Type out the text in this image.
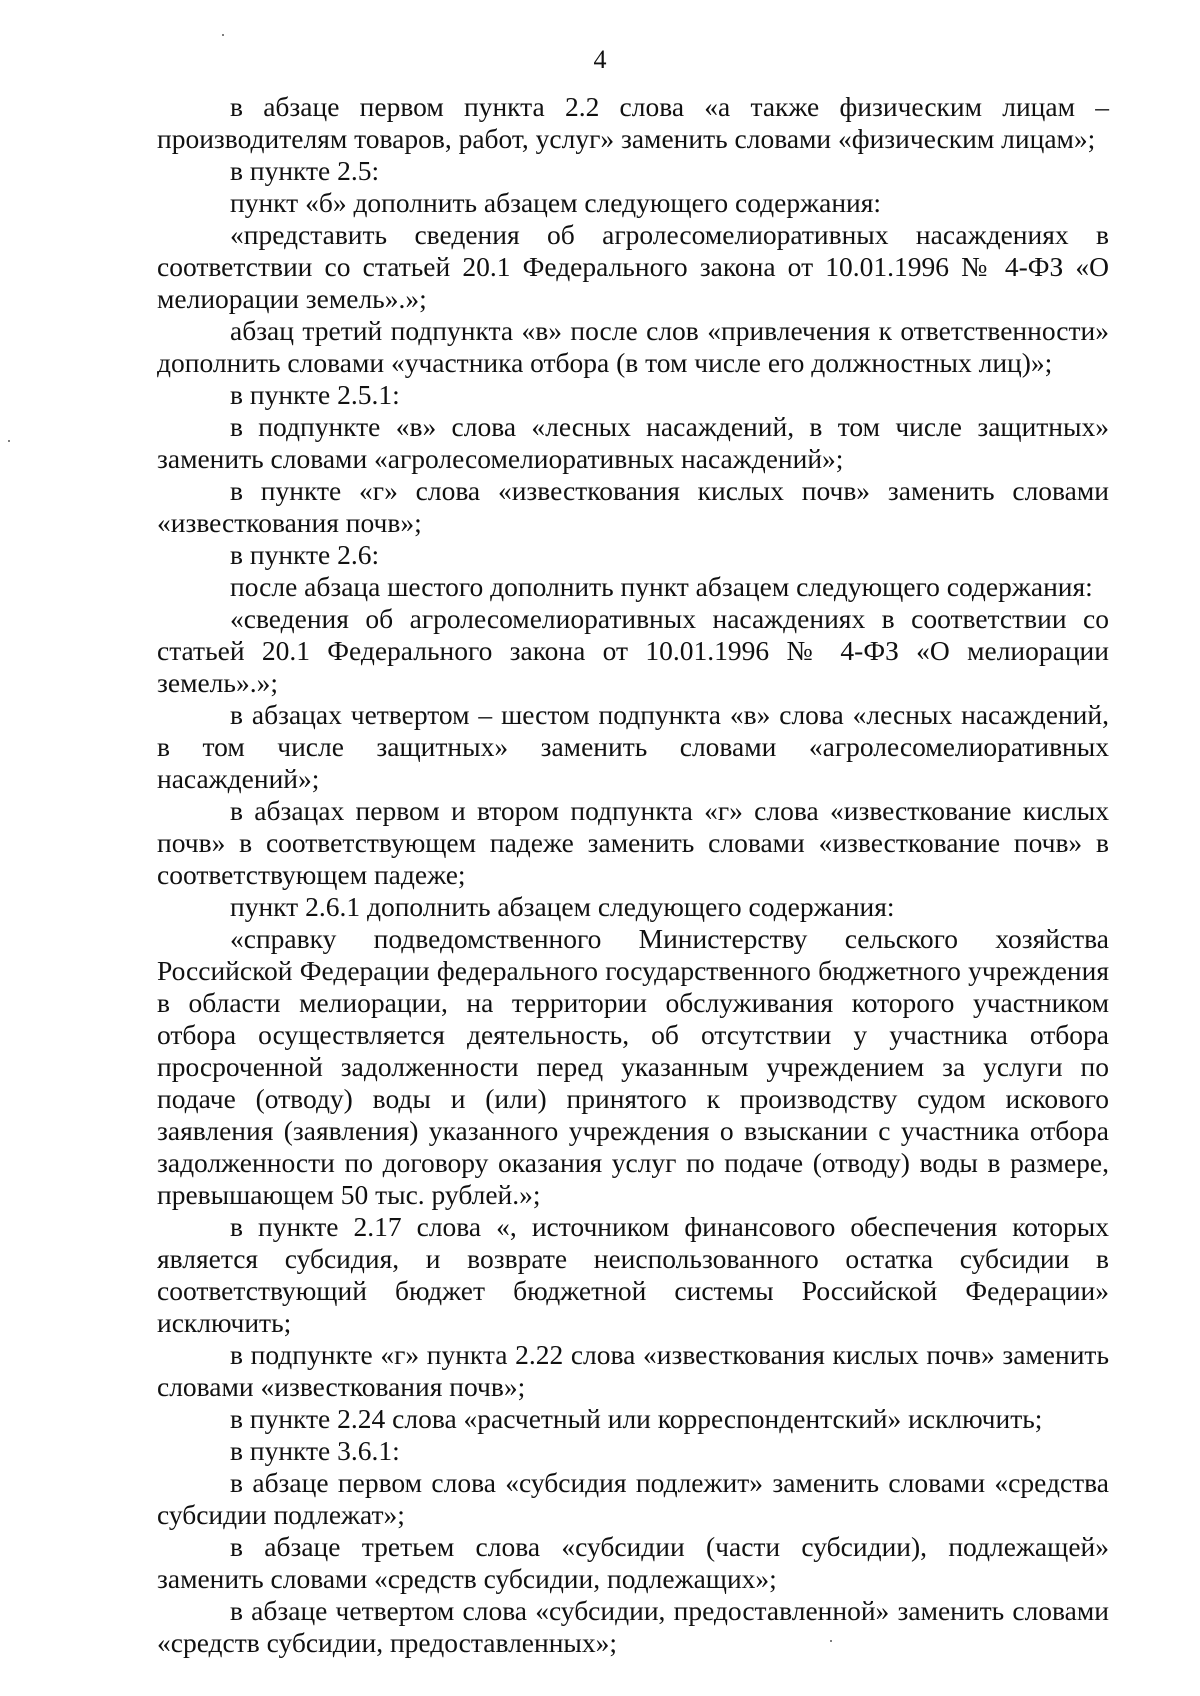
4

в абзаце первом пункта 2.2 слова «а также физическим лицам – производителям товаров, работ, услуг» заменить словами «физическим лицам»;

в пункте 2.5:

пункт «б» дополнить абзацем следующего содержания:

«представить сведения об агролесомелиоративных насаждениях в соответствии со статьей 20.1 Федерального закона от 10.01.1996 № 4-ФЗ «О мелиорации земель».»;

абзац третий подпункта «в» после слов «привлечения к ответственности» дополнить словами «участника отбора (в том числе его должностных лиц)»;

в пункте 2.5.1:

в подпункте «в» слова «лесных насаждений, в том числе защитных» заменить словами «агролесомелиоративных насаждений»;

в пункте «г» слова «известкования кислых почв» заменить словами «известкования почв»;

в пункте 2.6:

после абзаца шестого дополнить пункт абзацем следующего содержания:

«сведения об агролесомелиоративных насаждениях в соответствии со статьей 20.1 Федерального закона от 10.01.1996 № 4-ФЗ «О мелиорации земель».»;

в абзацах четвертом – шестом подпункта «в» слова «лесных насаждений, в том числе защитных» заменить словами «агролесомелиоративных насаждений»;

в абзацах первом и втором подпункта «г» слова «известкование кислых почв» в соответствующем падеже заменить словами «известкование почв» в соответствующем падеже;

пункт 2.6.1 дополнить абзацем следующего содержания:

«справку подведомственного Министерству сельского хозяйства Российской Федерации федерального государственного бюджетного учреждения в области мелиорации, на территории обслуживания которого участником отбора осуществляется деятельность, об отсутствии у участника отбора просроченной задолженности перед указанным учреждением за услуги по подаче (отводу) воды и (или) принятого к производству судом искового заявления (заявления) указанного учреждения о взыскании с участника отбора задолженности по договору оказания услуг по подаче (отводу) воды в размере, превышающем 50 тыс. рублей.»;

в пункте 2.17 слова «, источником финансового обеспечения которых является субсидия, и возврате неиспользованного остатка субсидии в соответствующий бюджет бюджетной системы Российской Федерации» исключить;

в подпункте «г» пункта 2.22 слова «известкования кислых почв» заменить словами «известкования почв»;

в пункте 2.24 слова «расчетный или корреспондентский» исключить;

в пункте 3.6.1:

в абзаце первом слова «субсидия подлежит» заменить словами «средства субсидии подлежат»;

в абзаце третьем слова «субсидии (части субсидии), подлежащей» заменить словами «средств субсидии, подлежащих»;

в абзаце четвертом слова «субсидии, предоставленной» заменить словами «средств субсидии, предоставленных»;
